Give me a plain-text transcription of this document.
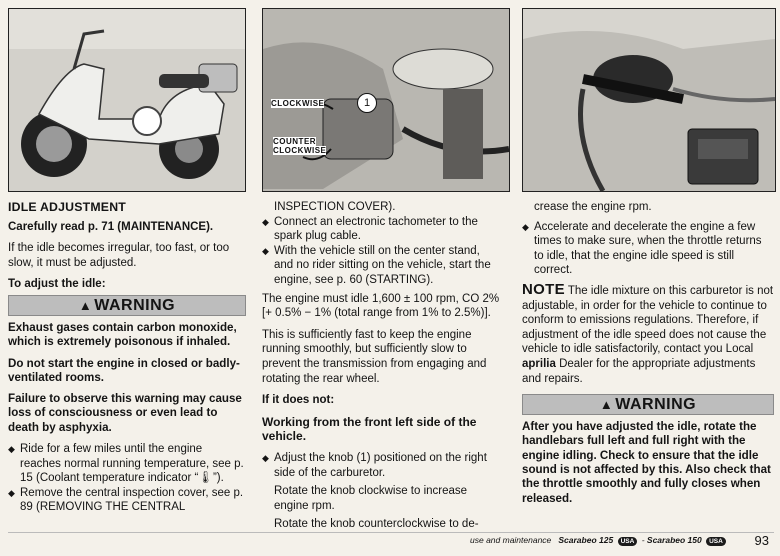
CLOCKWISE	1
COUNTER
CLOCKWISE
IDLE ADJUSTMENT

Carefully read p. 71 (MAINTENANCE).

If the idle becomes irregular, too fast, or too slow, it must be adjusted.

To adjust the idle:

▲ WARNING

Exhaust gases contain carbon monoxide, which is extremely poisonous if inhaled.

Do not start the engine in closed or badly-ventilated rooms.

Failure to observe this warning may cause loss of consciousness or even lead to death by asphyxia.

◆ Ride for a few miles until the engine reaches normal running temperature, see p. 15 (Coolant temperature indicator “🌡”).
◆ Remove the central inspection cover, see p. 89 (REMOVING THE CENTRAL
INSPECTION COVER).
◆ Connect an electronic tachometer to the spark plug cable.
◆ With the vehicle still on the center stand, and no rider sitting on the vehicle, start the engine, see p. 60 (STARTING).

The engine must idle 1,600 ± 100 rpm, CO 2% [+ 0.5% − 1% (total range from 1% to 2.5%)].

This is sufficiently fast to keep the engine running smoothly, but sufficiently slow to prevent the transmission from engaging and rotating the rear wheel.

If it does not:

Working from the front left side of the vehicle.

◆ Adjust the knob (1) positioned on the right side of the carburetor.

Rotate the knob clockwise to increase engine rpm.

Rotate the knob counterclockwise to de-

crease the engine rpm.
◆ Accelerate and decelerate the engine a few times to make sure, when the throttle returns to idle, that the engine idle speed is still correct.

NOTE The idle mixture on this carburetor is not adjustable, in order for the vehicle to continue to conform to emissions regulations. Therefore, if adjustment of the idle speed does not cause the vehicle to idle satisfactorily, contact you Local aprilia Dealer for the appropriate adjustments and repairs.

▲ WARNING

After you have adjusted the idle, rotate the handlebars full left and full right with the engine idling. Check to ensure that the idle sound is not affected by this. Also check that the throttle smoothly and fully closes when released.

use and maintenance Scarabeo 125 USA - Scarabeo 150 USA 93
